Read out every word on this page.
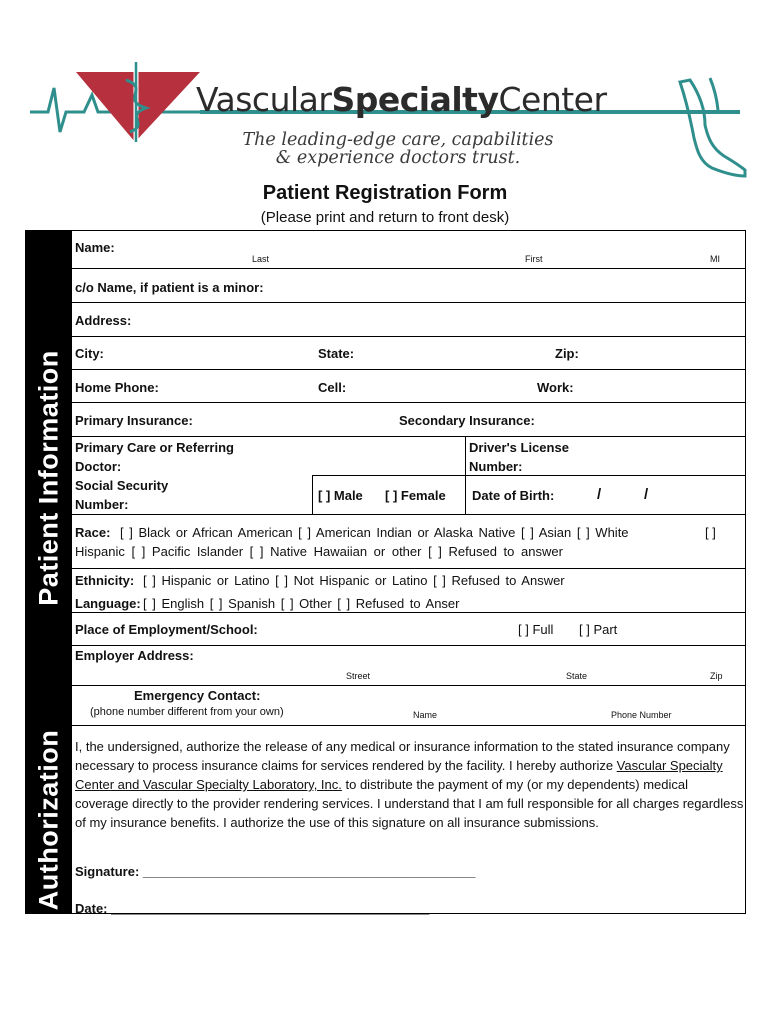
VascularSpecialtyCenter
The leading-edge care, capabilities
& experience doctors trust.
Patient Registration Form
(Please print and return to front desk)
Patient Information
Authorization
Name:
Last	First	MI
c/o Name, if patient is a minor:
Address:
City:	State:	Zip:
Home Phone:	Cell:	Work:
Primary Insurance:	Secondary Insurance:
Primary Care or Referring
Doctor:
Driver's License
Number:
Social Security
Number:
[ ] Male [ ] Female Date of Birth:	/	/
Race: [ ] Black or African American [ ] American Indian or Alaska Native [ ] Asian [ ] White	[ ]
Hispanic [ ] Pacific Islander [ ] Native Hawaiian or other [ ] Refused to answer
Ethnicity: [ ] Hispanic or Latino [ ] Not Hispanic or Latino [ ] Refused to Answer
Language: [ ] English [ ] Spanish [ ] Other [ ] Refused to Anser
Place of Employment/School:	[ ] Full [ ] Part
Employer Address:
Street	State	Zip
Emergency Contact:
(phone number different from your own)	Name	Phone Number
I, the undersigned, authorize the release of any medical or insurance information to the stated insurance company necessary to process insurance claims for services rendered by the facility. I hereby authorize Vascular Specialty Center and Vascular Specialty Laboratory, Inc. to distribute the payment of my (or my dependents) medical coverage directly to the provider rendering services. I understand that I am full responsible for all charges regardless of my insurance benefits. I authorize the use of this signature on all insurance submissions.
Signature: ______________________________________________
Date: ____________________________________________
